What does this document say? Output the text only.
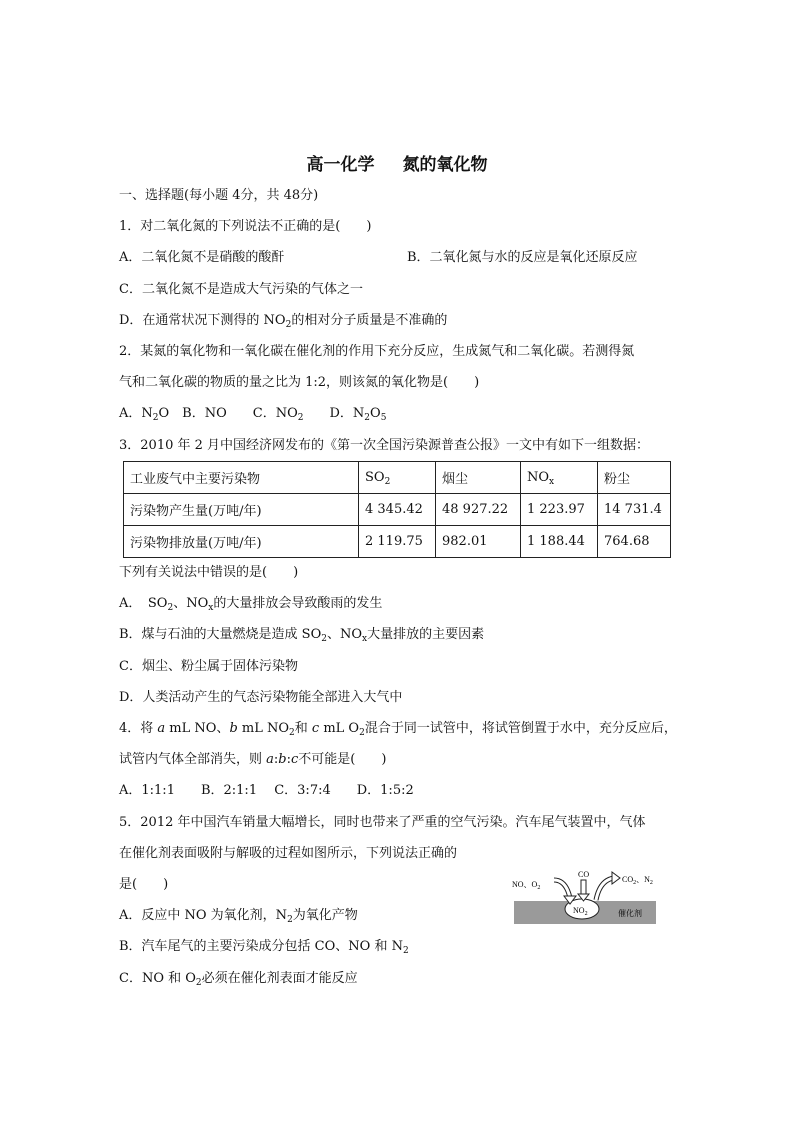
高一化学 氮的氧化物
一、选择题(每小题 4分，共 48分)
1．对二氧化氮的下列说法不正确的是(　　)
A．二氧化氮不是硝酸的酸酐	B．二氧化氮与水的反应是氧化还原反应
C．二氧化氮不是造成大气污染的气体之一
D．在通常状况下测得的 $NO_2$的相对分子质量是不准确的
2．某氮的氧化物和一氧化碳在催化剂的作用下充分反应，生成氮气和二氧化碳。若测得氮
气和二氧化碳的物质的量之比为 1:2，则该氮的氧化物是(　　)
A．$N_2O$　B．NO　　C．$NO_2$　　D．$N_2O_5$
3．2010 年 2 月中国经济网发布的《第一次全国污染源普查公报》一文中有如下一组数据：
工业废气中主要污染物	$SO_2$	烟尘	$NO_x$	粉尘
污染物产生量(万吨/年)	4 345.42	48 927.22	1 223.97	14 731.4
污染物排放量(万吨/年)	2 119.75	982.01	1 188.44	764.68
下列有关说法中错误的是(　　)
A．　$SO_2$、$NO_x$的大量排放会导致酸雨的发生
B．煤与石油的大量燃烧是造成 $SO_2$、$NO_x$大量排放的主要因素
C．烟尘、粉尘属于固体污染物
D．人类活动产生的气态污染物能全部进入大气中
4．将 a mL NO、b mL $NO_2$和 c mL $O_2$混合于同一试管中，将试管倒置于水中，充分反应后，
试管内气体全部消失，则 a:b:c不可能是(　　)
A．1:1:1　　B．2:1:1　 C．3:7:4　　D．1:5:2
5．2012 年中国汽车销量大幅增长，同时也带来了严重的空气污染。汽车尾气装置中，气体
在催化剂表面吸附与解吸的过程如图所示，下列说法正确的
是(　　)
A．反应中 NO 为氧化剂，$N_2$为氧化产物
B．汽车尾气的主要污染成分包括 CO、NO 和 $N_2$
C．NO 和 $O_2$必须在催化剂表面才能反应
NO、$O_2$
CO
$CO_2$、$N_2$
$NO_2$	催化剂
